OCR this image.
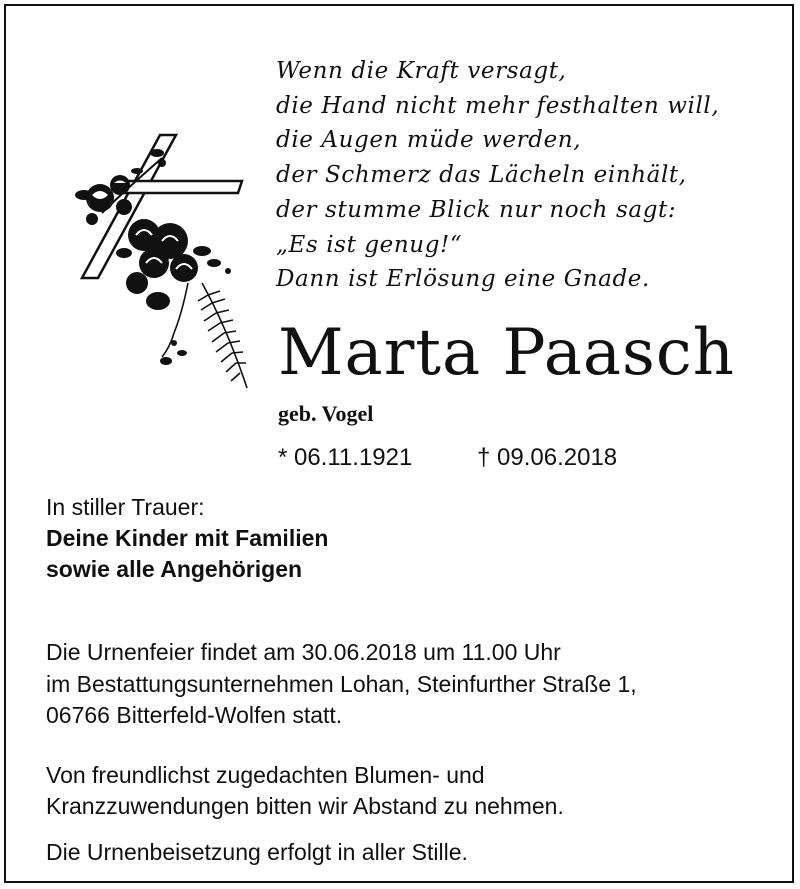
Wenn die Kraft versagt,
die Hand nicht mehr festhalten will,
die Augen müde werden,
der Schmerz das Lächeln einhält,
der stumme Blick nur noch sagt:
„Es ist genug!“
Dann ist Erlösung eine Gnade.
Marta Paasch
geb. Vogel
* 06.11.1921	† 09.06.2018
In stiller Trauer:
Deine Kinder mit Familien
sowie alle Angehörigen

Die Urnenfeier findet am 30.06.2018 um 11.00 Uhr
im Bestattungsunternehmen Lohan, Steinfurther Straße 1,
06766 Bitterfeld-Wolfen statt.

Von freundlichst zugedachten Blumen- und
Kranzzuwendungen bitten wir Abstand zu nehmen.
Die Urnenbeisetzung erfolgt in aller Stille.
